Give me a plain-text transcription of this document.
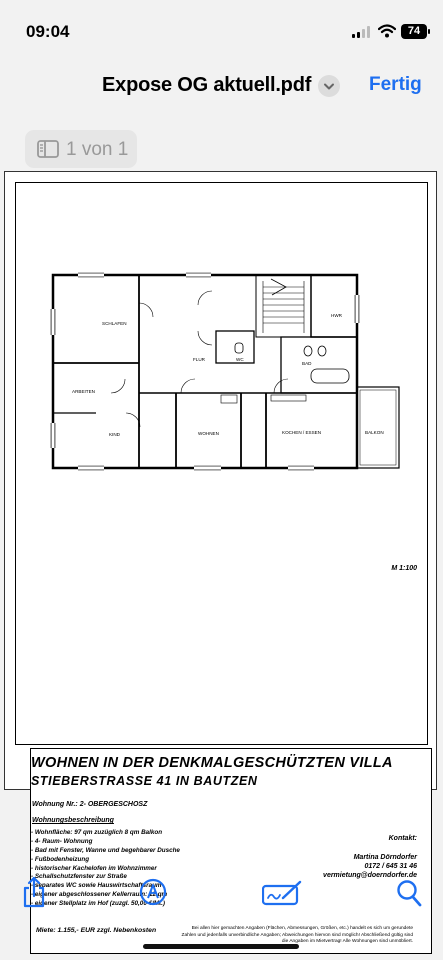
09:04	74
Expose OG aktuell.pdf	Fertig
1 von 1
SCHLAFEN
FLUR
ARBEITEN
KIND	WOHNEN	KOCHEN / ESSEN	BALKON
WC
BAD
HWR
M 1:100
WOHNEN IN DER DENKMALGESCHÜTZTEN VILLA
STIEBERSTRASSE 41 IN BAUTZEN
Wohnung Nr.: 2- OBERGESCHOSZ
Wohnungsbeschreibung
- Wohnfläche: 97 qm zuzüglich 8 qm Balkon
- 4- Raum- Wohnung
- Bad mit Fenster, Wanne und begehbarer Dusche
- Fußbodenheizung
- historischer Kachelofen im Wohnzimmer
- Schallschutzfenster zur Straße
- separates WC sowie Hauswirtschaftsraum
- eigener abgeschlossener Kellerraum: 12 qm
- eigener Stellplatz im Hof (zuzgl. 50,00 €/Mt.)
Kontakt:
Martina Dörndorfer
0172 / 645 31 46
vermietung@doerndorfer.de
Miete: 1.155,- EUR zzgl. Nebenkosten	Bei allen hier gemachten Angaben (Flächen, Abmessungen, Größen, etc.) handelt es sich um gerundete Zahlen und jedenfalls unverbindliche Angaben; Abweichungen hiervon sind möglich! Abschließend gültig sind die Angaben im Mietvertrag! Alle Wohnungen sind unmöbliert.
